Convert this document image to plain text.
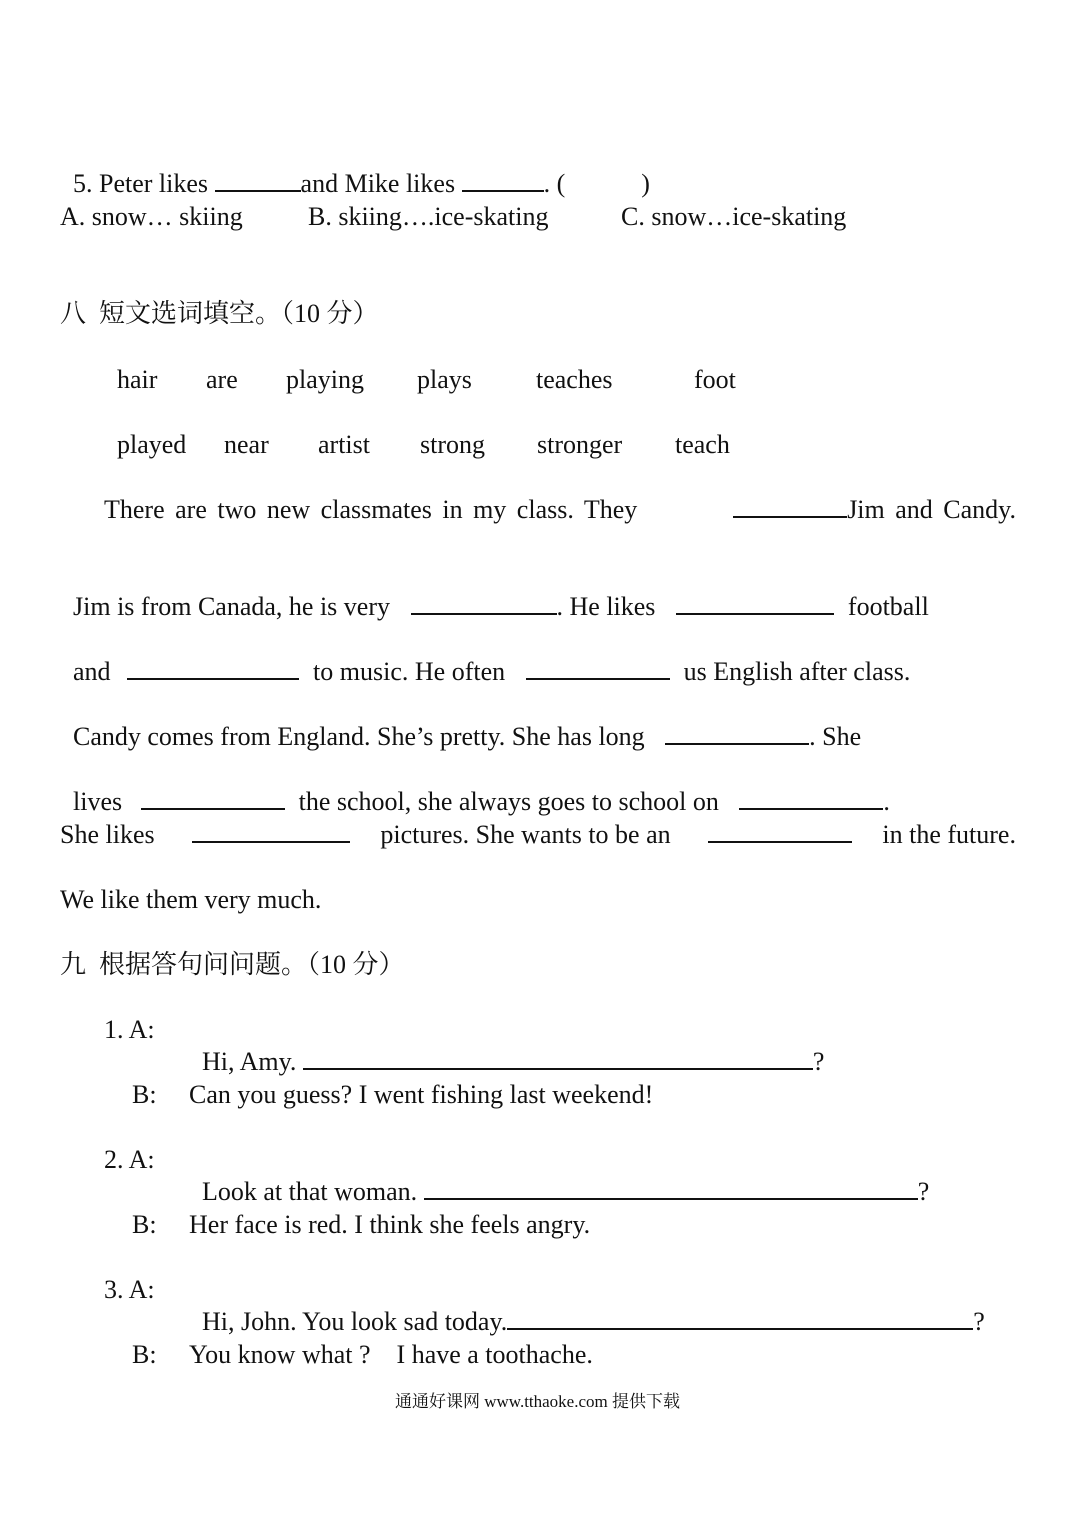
5. Peter likes	and Mike likes	. (	)

A. snow… skiing	B. skiing….ice-skating	C. snow…ice-skating
八  短文选词填空。（10 分）
hair are playing plays teaches	foot
played near artist strong stronger teach
There are two new classmates in my class. They	Jim and Candy.

Jim is from Canada, he is very	. He likes	football

and	to music. He often	us English after class.

Candy comes from England. She’s pretty. She has long	. She

lives	the school, she always goes to school on	.

She likes	pictures. She wants to be an	in the future.
We like them very much.
九  根据答句问问题。（10 分）
1. A:

Hi, Amy.	?

B: Can you guess? I went fishing last weekend!
2. A:

Look at that woman.	?

B: Her face is red. I think she feels angry.
3. A:

Hi, John. You look sad today.	?

B: You know what ?    I have a toothache.
通通好课网 www.tthaoke.com 提供下载
